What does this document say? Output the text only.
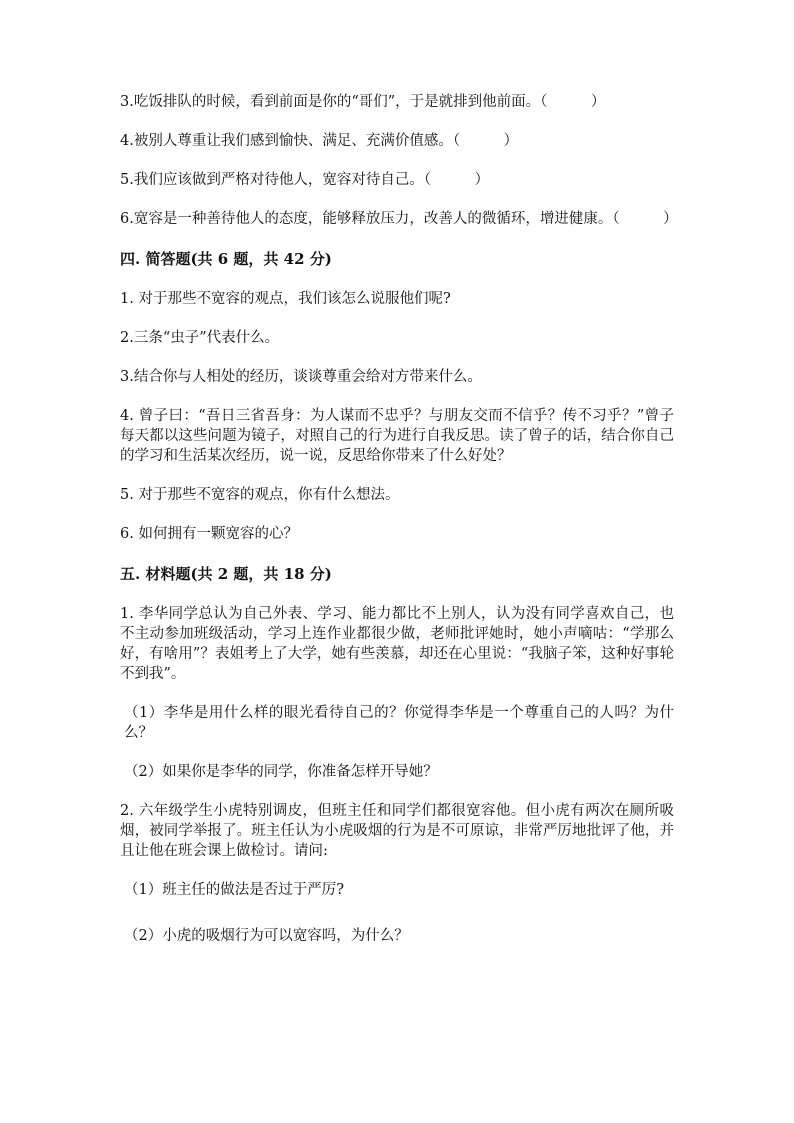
3.吃饭排队的时候，看到前面是你的“哥们”，于是就排到他前面。（　　　）

4.被别人尊重让我们感到愉快、满足、充满价值感。（　　　）

5.我们应该做到严格对待他人，宽容对待自己。（　　　）

6.宽容是一种善待他人的态度，能够释放压力，改善人的微循环，增进健康。（　　　）

四. 简答题(共 6 题，共 42 分)

1. 对于那些不宽容的观点，我们该怎么说服他们呢?

2.三条“虫子”代表什么。

3.结合你与人相处的经历，谈谈尊重会给对方带来什么。

4. 曾子曰：“吾日三省吾身：为人谋而不忠乎？与朋友交而不信乎？传不习乎？”曾子每天都以这些问题为镜子，对照自己的行为进行自我反思。读了曾子的话，结合你自己的学习和生活某次经历，说一说，反思给你带来了什么好处？

5. 对于那些不宽容的观点，你有什么想法。

6. 如何拥有一颗宽容的心？

五. 材料题(共 2 题，共 18 分)

1. 李华同学总认为自己外表、学习、能力都比不上别人，认为没有同学喜欢自己，也不主动参加班级活动，学习上连作业都很少做，老师批评她时，她小声嘀咕：“学那么好，有啥用”？表姐考上了大学，她有些羡慕，却还在心里说：“我脑子笨，这种好事轮不到我”。

（1）李华是用什么样的眼光看待自己的？你觉得李华是一个尊重自己的人吗？为什么？

（2）如果你是李华的同学，你准备怎样开导她？

2. 六年级学生小虎特别调皮，但班主任和同学们都很宽容他。但小虎有两次在厕所吸烟，被同学举报了。班主任认为小虎吸烟的行为是不可原谅，非常严厉地批评了他，并且让他在班会课上做检讨。请问:

（1）班主任的做法是否过于严厉?

（2）小虎的吸烟行为可以宽容吗，为什么？
